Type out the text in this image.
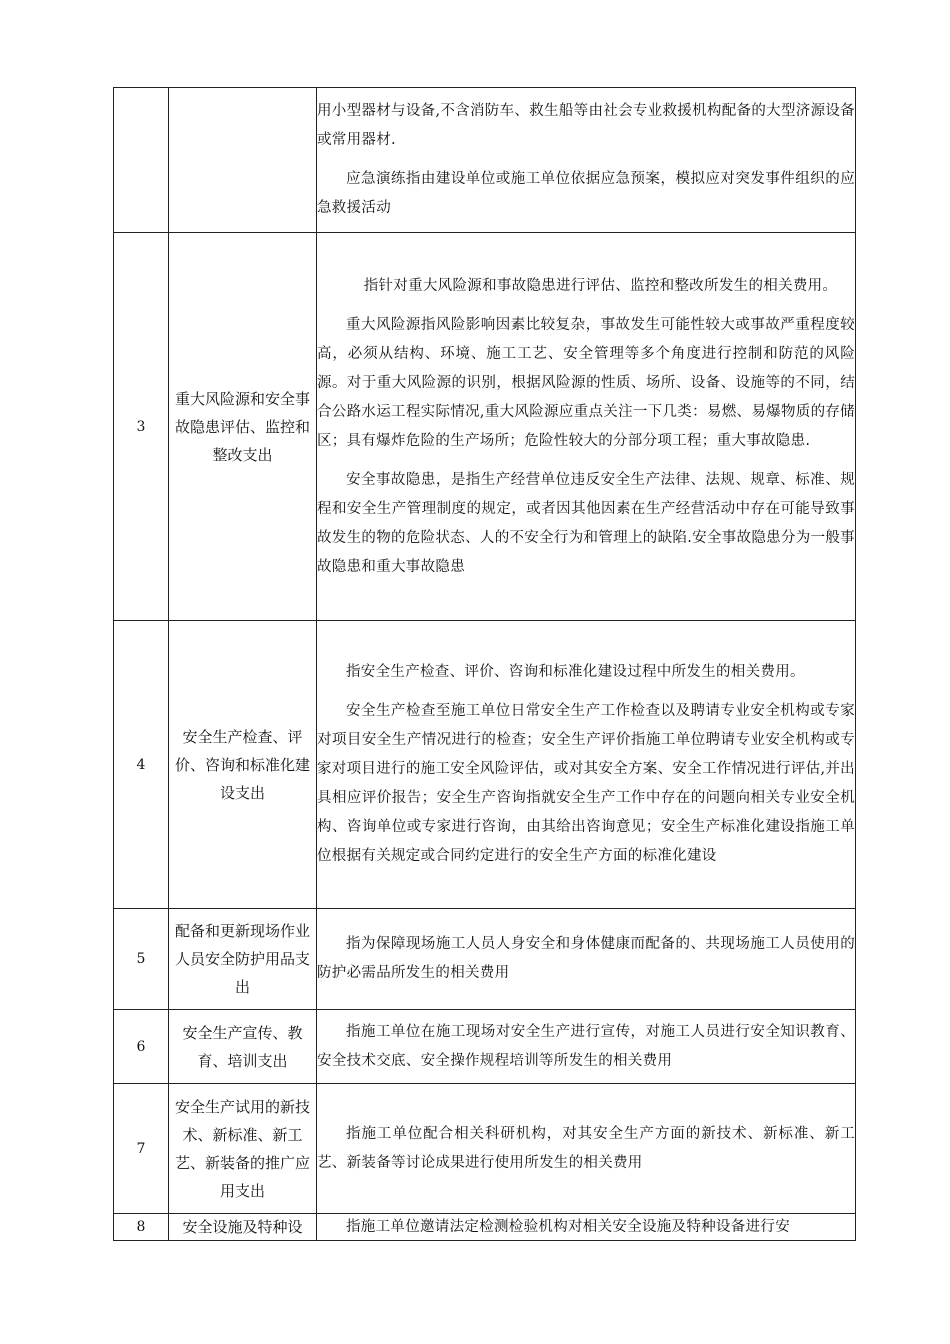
		用小型器材与设备,不含消防车、救生船等由社会专业救援机构配备的大型济源设备或常用器材.

应急演练指由建设单位或施工单位依据应急预案，模拟应对突发事件组织的应急救援活动

3	重大风险源和安全事故隐患评估、监控和整改支出	指针对重大风险源和事故隐患进行评估、监控和整改所发生的相关费用。

重大风险源指风险影响因素比较复杂，事故发生可能性较大或事故严重程度较高，必须从结构、环境、施工工艺、安全管理等多个角度进行控制和防范的风险源。对于重大风险源的识别，根据风险源的性质、场所、设备、设施等的不同，结合公路水运工程实际情况,重大风险源应重点关注一下几类：易燃、易爆物质的存储区；具有爆炸危险的生产场所；危险性较大的分部分项工程；重大事故隐患.

安全事故隐患，是指生产经营单位违反安全生产法律、法规、规章、标准、规程和安全生产管理制度的规定，或者因其他因素在生产经营活动中存在可能导致事故发生的物的危险状态、人的不安全行为和管理上的缺陷.安全事故隐患分为一般事故隐患和重大事故隐患

4	安全生产检查、评价、咨询和标准化建设支出	指安全生产检查、评价、咨询和标准化建设过程中所发生的相关费用。

安全生产检查至施工单位日常安全生产工作检查以及聘请专业安全机构或专家对项目安全生产情况进行的检查；安全生产评价指施工单位聘请专业安全机构或专家对项目进行的施工安全风险评估，或对其安全方案、安全工作情况进行评估,并出具相应评价报告；安全生产咨询指就安全生产工作中存在的问题向相关专业安全机构、咨询单位或专家进行咨询，由其给出咨询意见；安全生产标准化建设指施工单位根据有关规定或合同约定进行的安全生产方面的标准化建设

5	配备和更新现场作业人员安全防护用品支出	指为保障现场施工人员人身安全和身体健康而配备的、共现场施工人员使用的防护必需品所发生的相关费用

6	安全生产宣传、教育、培训支出	指施工单位在施工现场对安全生产进行宣传，对施工人员进行安全知识教育、安全技术交底、安全操作规程培训等所发生的相关费用

7	安全生产试用的新技术、新标准、新工艺、新装备的推广应用支出	指施工单位配合相关科研机构，对其安全生产方面的新技术、新标准、新工艺、新装备等讨论成果进行使用所发生的相关费用

8	安全设施及特种设	指施工单位邀请法定检测检验机构对相关安全设施及特种设备进行安
